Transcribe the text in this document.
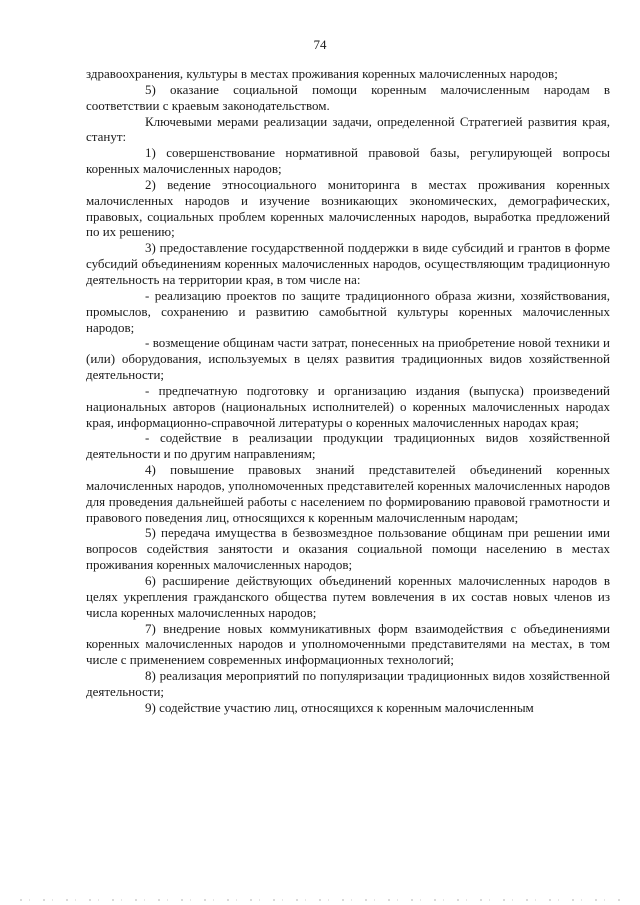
74

здравоохранения, культуры в местах проживания коренных малочисленных народов;

5) оказание социальной помощи коренным малочисленным народам в соответствии с краевым законодательством.

Ключевыми мерами реализации задачи, определенной Стратегией развития края, станут:

1) совершенствование нормативной правовой базы, регулирующей вопросы коренных малочисленных народов;

2) ведение этносоциального мониторинга в местах проживания коренных малочисленных народов и изучение возникающих экономических, демографических, правовых, социальных проблем коренных малочисленных народов, выработка предложений по их решению;

3) предоставление государственной поддержки в виде субсидий и грантов в форме субсидий объединениям коренных малочисленных народов, осуществляющим традиционную деятельность на территории края, в том числе на:

- реализацию проектов по защите традиционного образа жизни, хозяйствования, промыслов, сохранению и развитию самобытной культуры коренных малочисленных народов;

- возмещение общинам части затрат, понесенных на приобретение новой техники и (или) оборудования, используемых в целях развития традиционных видов хозяйственной деятельности;

- предпечатную подготовку и организацию издания (выпуска) произведений национальных авторов (национальных исполнителей) о коренных малочисленных народах края, информационно-справочной литературы о коренных малочисленных народах края;

- содействие в реализации продукции традиционных видов хозяйственной деятельности и по другим направлениям;

4) повышение правовых знаний представителей объединений коренных малочисленных народов, уполномоченных представителей коренных малочисленных народов для проведения дальнейшей работы с населением по формированию правовой грамотности и правового поведения лиц, относящихся к коренным малочисленным народам;

5) передача имущества в безвозмездное пользование общинам при решении ими вопросов содействия занятости и оказания социальной помощи населению в местах проживания коренных малочисленных народов;

6) расширение действующих объединений коренных малочисленных народов в целях укрепления гражданского общества путем вовлечения в их состав новых членов из числа коренных малочисленных народов;

7) внедрение новых коммуникативных форм взаимодействия с объединениями коренных малочисленных народов и уполномоченными представителями на местах, в том числе с применением современных информационных технологий;

8) реализация мероприятий по популяризации традиционных видов хозяйственной деятельности;

9) содействие участию лиц, относящихся к коренным малочисленным
